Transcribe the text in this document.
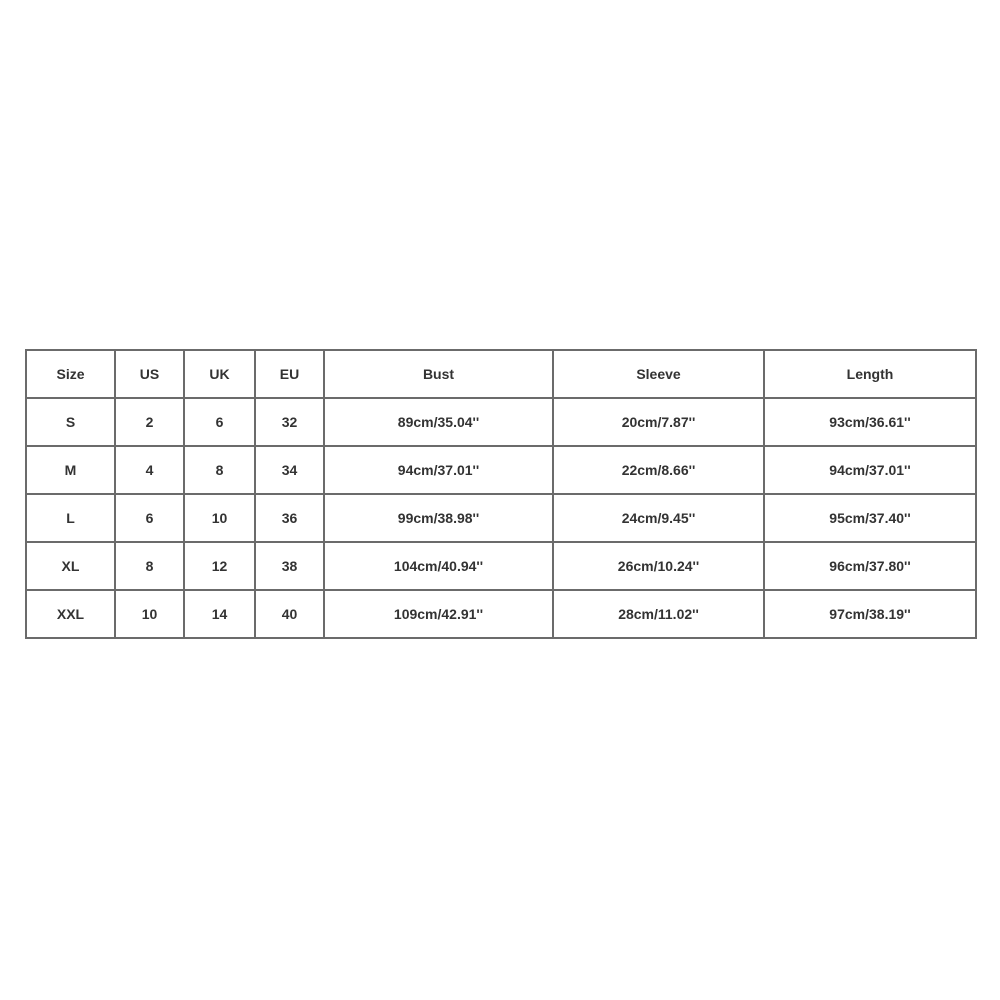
Size	US	UK	EU	Bust	Sleeve	Length
S	2	6	32	89cm/35.04''	20cm/7.87''	93cm/36.61''
M	4	8	34	94cm/37.01''	22cm/8.66''	94cm/37.01''
L	6	10	36	99cm/38.98''	24cm/9.45''	95cm/37.40''
XL	8	12	38	104cm/40.94''	26cm/10.24''	96cm/37.80''
XXL	10	14	40	109cm/42.91''	28cm/11.02''	97cm/38.19''
